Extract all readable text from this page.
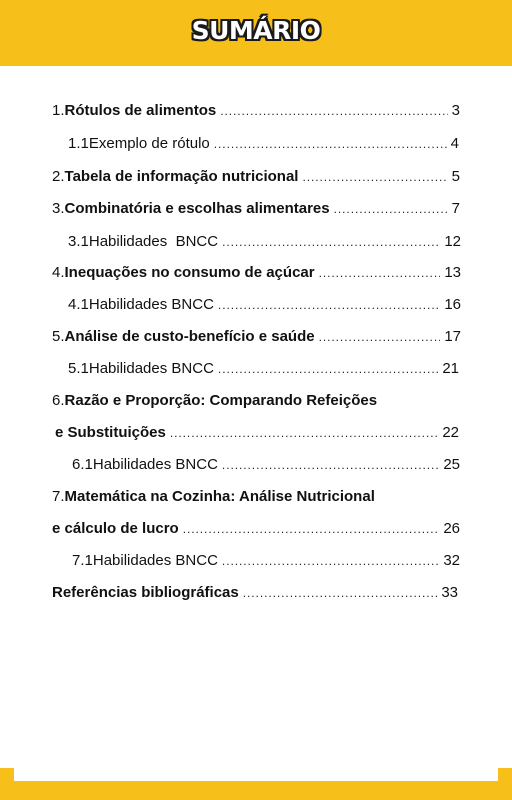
SUMÁRIO
1. Rótulos de alimentos . . .	3
1.1 Exemplo de rótulo . . .	4
2. Tabela de informação nutricional . . .	5
3. Combinatória e escolhas alimentares . . .	7
3.1 Habilidades  BNCC . . .	12
4. Inequações no consumo de açúcar . . .	13
4.1 Habilidades BNCC . . .	16
5. Análise de custo-benefício e saúde . . .	17
5.1 Habilidades BNCC . . .	21
6. Razão e Proporção: Comparando Refeições
e Substituições . . .	22
6.1 Habilidades BNCC . . .	25
7. Matemática na Cozinha: Análise Nutricional
e cálculo de lucro . . .	26
7.1 Habilidades BNCC . . .	32
Referências bibliográficas . . .	33
